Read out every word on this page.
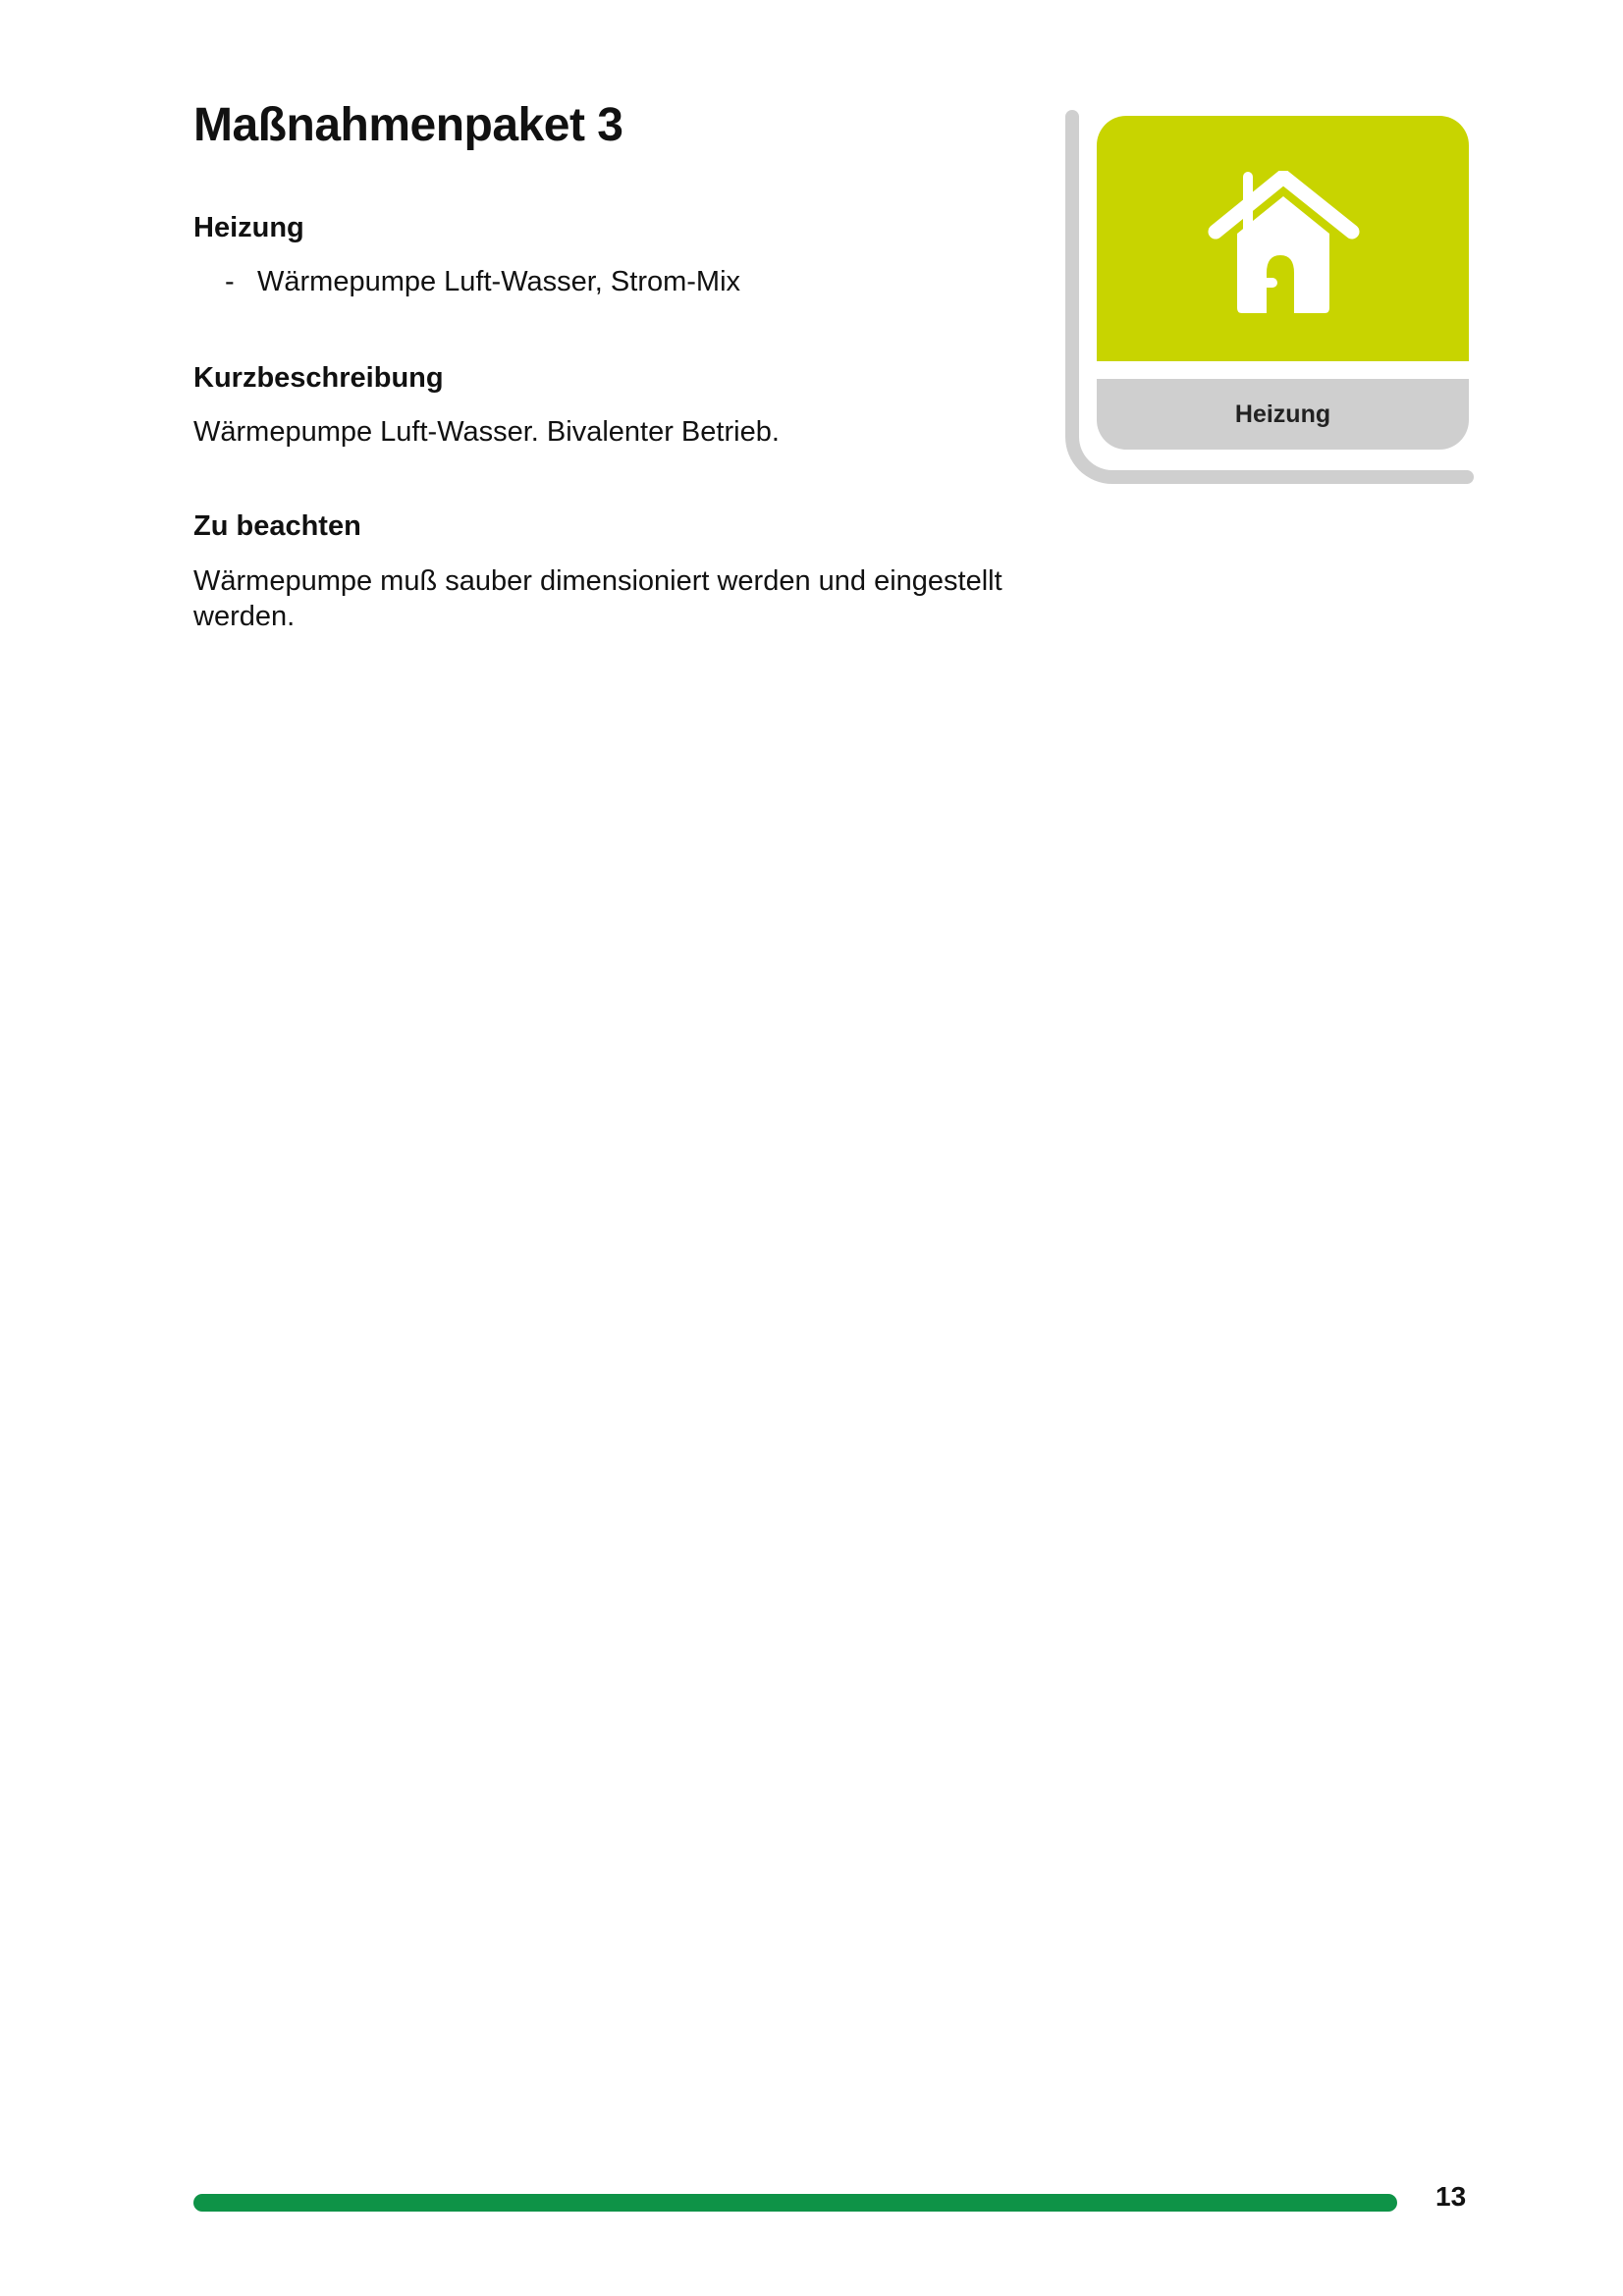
Maßnahmenpaket 3
Heizung
- Wärmepumpe Luft-Wasser, Strom-Mix
Kurzbeschreibung

Wärmepumpe Luft-Wasser. Bivalenter Betrieb.

Zu beachten

Wärmepumpe muß sauber dimensioniert werden und eingestellt werden.

Heizung
13
